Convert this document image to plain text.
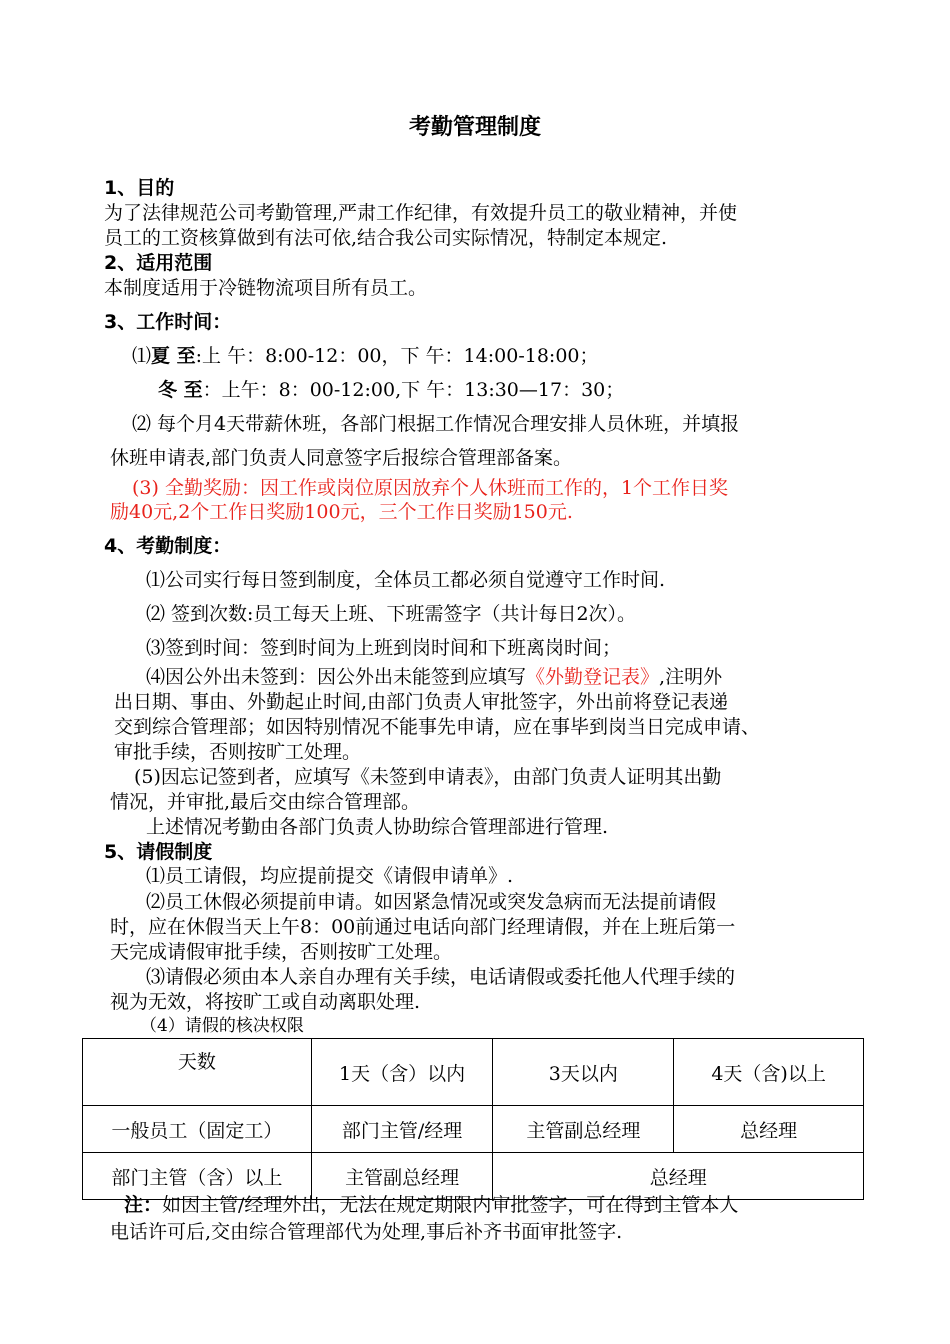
考勤管理制度
1、目的
为了法律规范公司考勤管理,严肃工作纪律，有效提升员工的敬业精神，并使
员工的工资核算做到有法可依,结合我公司实际情况，特制定本规定.
2、适用范围
本制度适用于冷链物流项目所有员工。
3、工作时间：
⑴夏 至:上 午：8:00-12：00，下 午：14:00-18:00；
冬 至：上午：8：00-12:00,下 午：13:30—17：30；
⑵ 每个月4天带薪休班，各部门根据工作情况合理安排人员休班，并填报
休班申请表,部门负责人同意签字后报综合管理部备案。
(3) 全勤奖励：因工作或岗位原因放弃个人休班而工作的，1个工作日奖
励40元,2个工作日奖励100元，三个工作日奖励150元.
4、考勤制度：
⑴公司实行每日签到制度，全体员工都必须自觉遵守工作时间.
⑵ 签到次数:员工每天上班、下班需签字（共计每日2次）。
⑶签到时间：签到时间为上班到岗时间和下班离岗时间；
⑷因公外出未签到：因公外出未能签到应填写《外勤登记表》,注明外
出日期、事由、外勤起止时间,由部门负责人审批签字，外出前将登记表递
交到综合管理部；如因特别情况不能事先申请，应在事毕到岗当日完成申请、
审批手续，否则按旷工处理。
(5)因忘记签到者，应填写《未签到申请表》，由部门负责人证明其出勤
情况，并审批,最后交由综合管理部。
上述情况考勤由各部门负责人协助综合管理部进行管理.
5、请假制度
⑴员工请假，均应提前提交《请假申请单》.
⑵员工休假必须提前申请。如因紧急情况或突发急病而无法提前请假
时，应在休假当天上午8：00前通过电话向部门经理请假，并在上班后第一
天完成请假审批手续，否则按旷工处理。
⑶请假必须由本人亲自办理有关手续，电话请假或委托他人代理手续的
视为无效，将按旷工或自动离职处理.
（4）请假的核决权限
天数	1天（含）以内	3天以内	4天（含)以上
一般员工（固定工）	部门主管/经理	主管副总经理	总经理
部门主管（含）以上	主管副总经理	总经理	
注：如因主管/经理外出，无法在规定期限内审批签字，可在得到主管本人
电话许可后,交由综合管理部代为处理,事后补齐书面审批签字.
